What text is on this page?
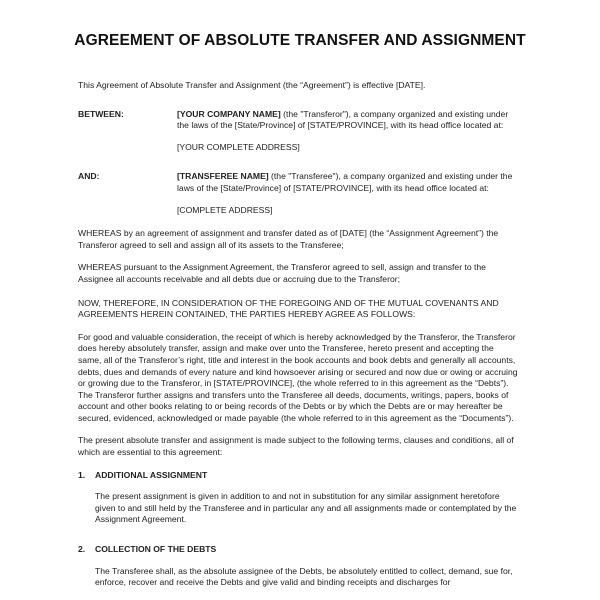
AGREEMENT OF ABSOLUTE TRANSFER AND ASSIGNMENT

This Agreement of Absolute Transfer and Assignment (the “Agreement”) is effective [DATE].

BETWEEN:	[YOUR COMPANY NAME] (the "Transferor"), a company organized and existing under the laws of the [State/Province] of [STATE/PROVINCE], with its head office located at:

[YOUR COMPLETE ADDRESS]

AND:	[TRANSFEREE NAME] (the "Transferee"), a company organized and existing under the laws of the [State/Province] of [STATE/PROVINCE], with its head office located at:

[COMPLETE ADDRESS]

WHEREAS by an agreement of assignment and transfer dated as of [DATE] (the “Assignment Agreement”) the Transferor agreed to sell and assign all of its assets to the Transferee;

WHEREAS pursuant to the Assignment Agreement, the Transferor agreed to sell, assign and transfer to the Assignee all accounts receivable and all debts due or accruing due to the Transferor;

NOW, THEREFORE, IN CONSIDERATION OF THE FOREGOING AND OF THE MUTUAL COVENANTS AND AGREEMENTS HEREIN CONTAINED, THE PARTIES HEREBY AGREE AS FOLLOWS:

For good and valuable consideration, the receipt of which is hereby acknowledged by the Transferor, the Transferor does hereby absolutely transfer, assign and make over unto the Transferee, hereto present and accepting the same, all of the Transferor’s right, title and interest in the book accounts and book debts and generally all accounts, debts, dues and demands of every nature and kind howsoever arising or secured and now due or owing or accruing or growing due to the Transferor, in [STATE/PROVINCE], (the whole referred to in this agreement as the “Debts”). The Transferor further assigns and transfers unto the Transferee all deeds, documents, writings, papers, books of account and other books relating to or being records of the Debts or by which the Debts are or may hereafter be secured, evidenced, acknowledged or made payable (the whole referred to in this agreement as the “Documents”).

The present absolute transfer and assignment is made subject to the following terms, clauses and conditions, all of which are essential to this agreement:

1. ADDITIONAL ASSIGNMENT

The present assignment is given in addition to and not in substitution for any similar assignment heretofore given to and still held by the Transferee and in particular any and all assignments made or contemplated by the Assignment Agreement.

2. COLLECTION OF THE DEBTS

The Transferee shall, as the absolute assignee of the Debts, be absolutely entitled to collect, demand, sue for, enforce, recover and receive the Debts and give valid and binding receipts and discharges for
